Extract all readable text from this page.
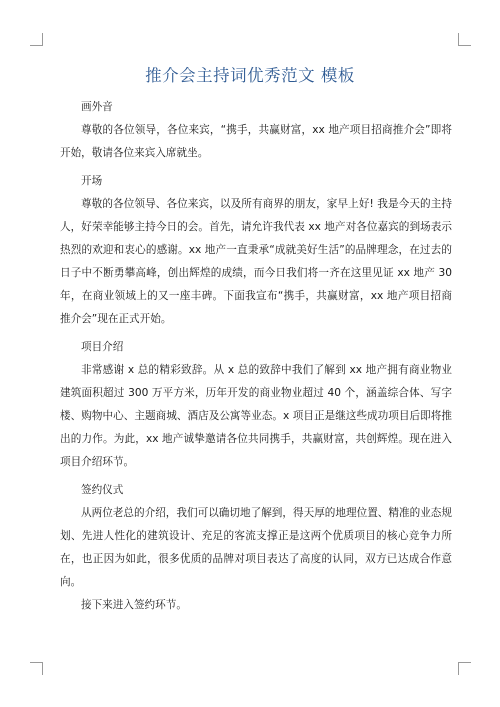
推介会主持词优秀范文 模板

画外音

尊敬的各位领导，各位来宾，“携手，共赢财富，xx 地产项目招商推介会”即将开始，敬请各位来宾入席就坐。

开场

尊敬的各位领导、各位来宾，以及所有商界的朋友，家早上好! 我是今天的主持人，好荣幸能够主持今日的会。首先，请允许我代表 xx 地产对各位嘉宾的到场表示热烈的欢迎和衷心的感谢。xx 地产一直秉承“成就美好生活”的品牌理念，在过去的日子中不断勇攀高峰，创出辉煌的成绩，而今日我们将一齐在这里见证 xx 地产 30 年，在商业领域上的又一座丰碑。下面我宣布“携手，共赢财富，xx 地产项目招商推介会”现在正式开始。

项目介绍

非常感谢 x 总的精彩致辞。从 x 总的致辞中我们了解到 xx 地产拥有商业物业建筑面积超过 300 万平方米，历年开发的商业物业超过 40 个，涵盖综合体、写字楼、购物中心、主题商城、酒店及公寓等业态。x 项目正是继这些成功项目后即将推出的力作。为此，xx 地产诚挚邀请各位共同携手，共赢财富，共创辉煌。现在进入项目介绍环节。

签约仪式

从两位老总的介绍，我们可以确切地了解到，得天厚的地理位置、精准的业态规划、先进人性化的建筑设计、充足的客流支撑正是这两个优质项目的核心竞争力所在，也正因为如此，很多优质的品牌对项目表达了高度的认同，双方已达成合作意向。

接下来进入签约环节。
